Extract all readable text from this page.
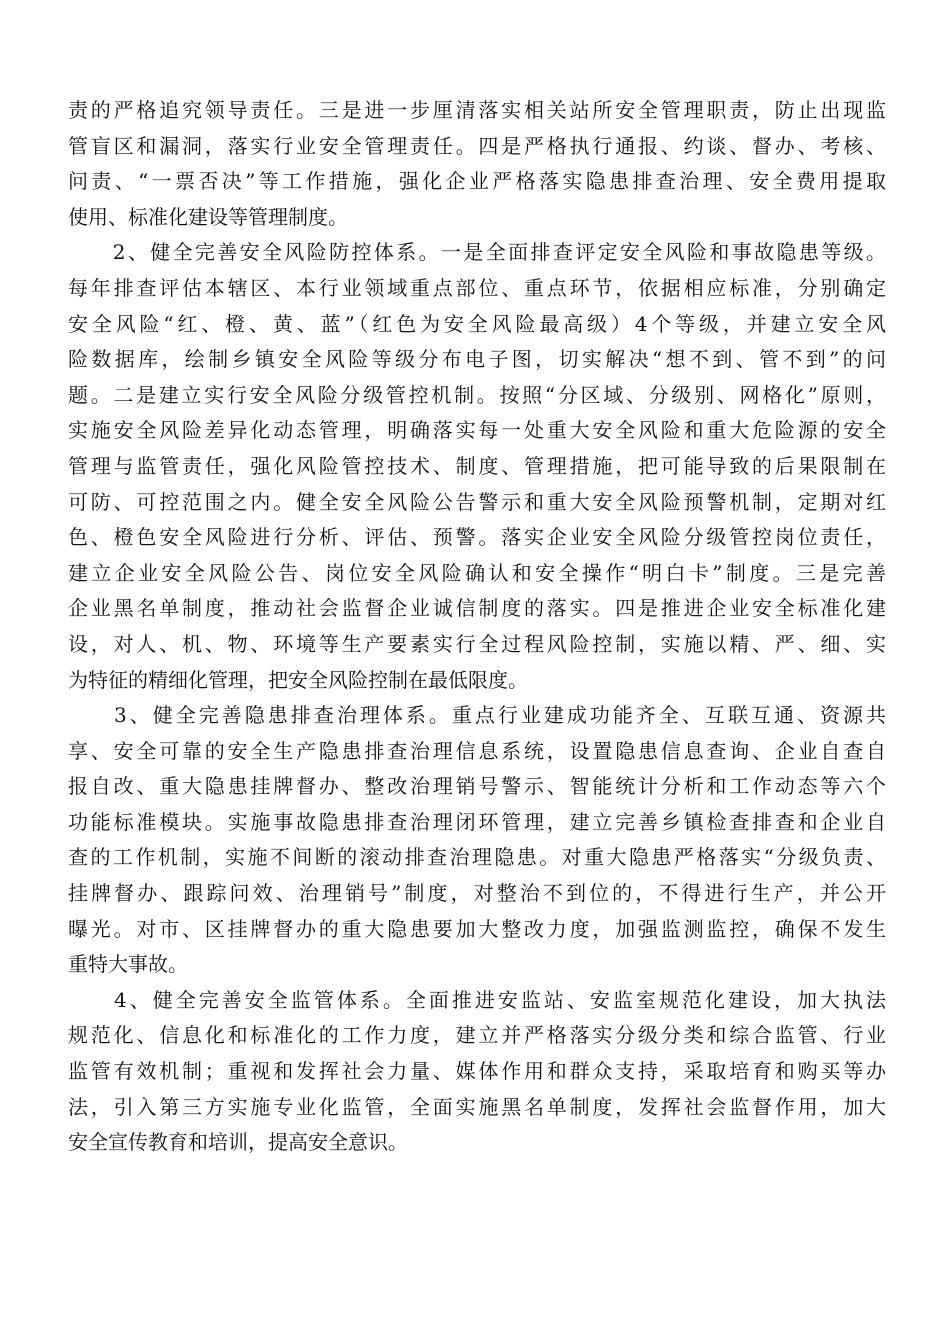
责的严格追究领导责任。三是进一步厘清落实相关站所安全管理职责，防止出现监
管盲区和漏洞，落实行业安全管理责任。四是严格执行通报、约谈、督办、考核、
问责、“一票否决”等工作措施，强化企业严格落实隐患排查治理、安全费用提取
使用、标准化建设等管理制度。
　　2、健全完善安全风险防控体系。一是全面排查评定安全风险和事故隐患等级。
每年排查评估本辖区、本行业领域重点部位、重点环节，依据相应标准，分别确定
安全风险“红、橙、黄、蓝”（红色为安全风险最高级）4个等级，并建立安全风
险数据库，绘制乡镇安全风险等级分布电子图，切实解决“想不到、管不到”的问
题。二是建立实行安全风险分级管控机制。按照“分区域、分级别、网格化”原则，
实施安全风险差异化动态管理，明确落实每一处重大安全风险和重大危险源的安全
管理与监管责任，强化风险管控技术、制度、管理措施，把可能导致的后果限制在
可防、可控范围之内。健全安全风险公告警示和重大安全风险预警机制，定期对红
色、橙色安全风险进行分析、评估、预警。落实企业安全风险分级管控岗位责任，
建立企业安全风险公告、岗位安全风险确认和安全操作“明白卡”制度。三是完善
企业黑名单制度，推动社会监督企业诚信制度的落实。四是推进企业安全标准化建
设，对人、机、物、环境等生产要素实行全过程风险控制，实施以精、严、细、实
为特征的精细化管理，把安全风险控制在最低限度。
　　3、健全完善隐患排查治理体系。重点行业建成功能齐全、互联互通、资源共
享、安全可靠的安全生产隐患排查治理信息系统，设置隐患信息查询、企业自查自
报自改、重大隐患挂牌督办、整改治理销号警示、智能统计分析和工作动态等六个
功能标准模块。实施事故隐患排查治理闭环管理，建立完善乡镇检查排查和企业自
查的工作机制，实施不间断的滚动排查治理隐患。对重大隐患严格落实“分级负责、
挂牌督办、跟踪问效、治理销号”制度，对整治不到位的，不得进行生产，并公开
曝光。对市、区挂牌督办的重大隐患要加大整改力度，加强监测监控，确保不发生
重特大事故。
　　4、健全完善安全监管体系。全面推进安监站、安监室规范化建设，加大执法
规范化、信息化和标准化的工作力度，建立并严格落实分级分类和综合监管、行业
监管有效机制；重视和发挥社会力量、媒体作用和群众支持，采取培育和购买等办
法，引入第三方实施专业化监管，全面实施黑名单制度，发挥社会监督作用，加大
安全宣传教育和培训，提高安全意识。
